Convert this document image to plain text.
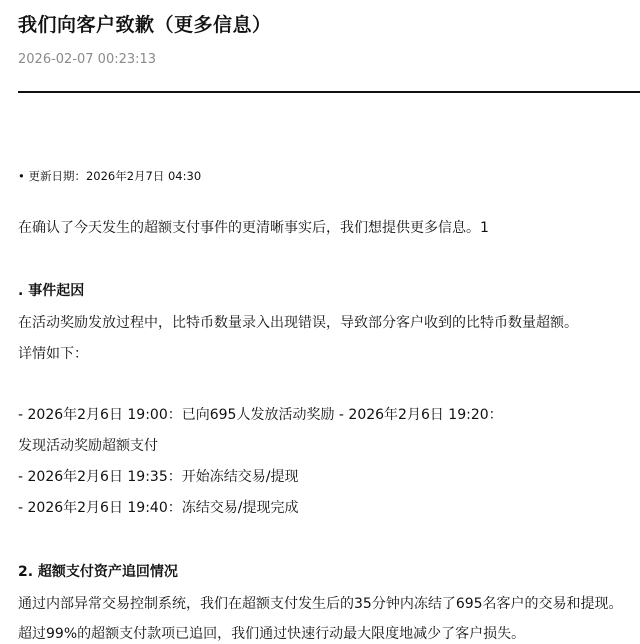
我们向客户致歉（更多信息）
2026-02-07 00:23:13
• 更新日期：2026年2月7日 04:30
在确认了今天发生的超额支付事件的更清晰事实后，我们想提供更多信息。1
. 事件起因
在活动奖励发放过程中，比特币数量录入出现错误，导致部分客户收到的比特币数量超额。
详情如下：
- 2026年2月6日 19:00：已向695人发放活动奖励 - 2026年2月6日 19:20：
发现活动奖励超额支付
- 2026年2月6日 19:35：开始冻结交易/提现
- 2026年2月6日 19:40：冻结交易/提现完成
2. 超额支付资产追回情况
通过内部异常交易控制系统，我们在超额支付发生后的35分钟内冻结了695名客户的交易和提现。
超过99%的超额支付款项已追回，我们通过快速行动最大限度地减少了客户损失。
